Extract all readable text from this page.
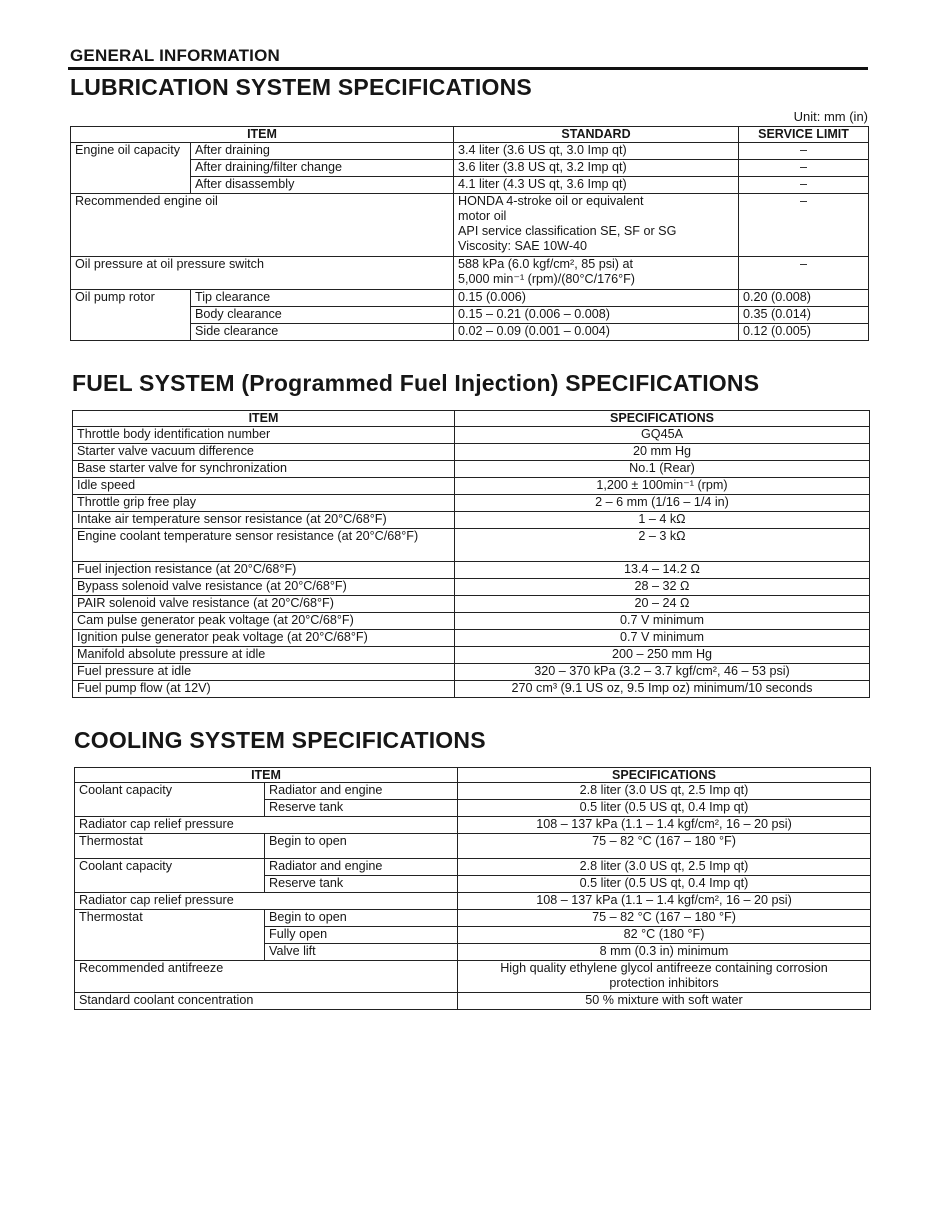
GENERAL INFORMATION
LUBRICATION SYSTEM SPECIFICATIONS
Unit: mm (in)
ITEM		STANDARD	SERVICE LIMIT
Engine oil capacity	After draining	3.4 liter (3.6 US qt, 3.0 Imp qt)	–
	After draining/filter change	3.6 liter (3.8 US qt, 3.2 Imp qt)	–
	After disassembly	4.1 liter (4.3 US qt, 3.6 Imp qt)	–
Recommended engine oil		HONDA 4-stroke oil or equivalent
motor oil
API service classification SE, SF or SG
Viscosity: SAE 10W-40	–
Oil pressure at oil pressure switch		588 kPa (6.0 kgf/cm², 85 psi) at
5,000 min⁻¹ (rpm)/(80°C/176°F)	–
Oil pump rotor	Tip clearance	0.15 (0.006)	0.20 (0.008)
	Body clearance	0.15 – 0.21 (0.006 – 0.008)	0.35 (0.014)
	Side clearance	0.02 – 0.09 (0.001 – 0.004)	0.12 (0.005)
FUEL SYSTEM (Programmed Fuel Injection) SPECIFICATIONS
ITEM	SPECIFICATIONS
Throttle body identification number	GQ45A
Starter valve vacuum difference	20 mm Hg
Base starter valve for synchronization	No.1 (Rear)
Idle speed	1,200 ± 100min⁻¹ (rpm)
Throttle grip free play	2 – 6 mm (1/16 – 1/4 in)
Intake air temperature sensor resistance (at 20°C/68°F)	1 – 4 kΩ
Engine coolant temperature sensor resistance (at 20°C/68°F)	2 – 3 kΩ
Fuel injection resistance (at 20°C/68°F)	13.4 – 14.2 Ω
Bypass solenoid valve resistance (at 20°C/68°F)	28 – 32 Ω
PAIR solenoid valve resistance (at 20°C/68°F)	20 – 24 Ω
Cam pulse generator peak voltage (at 20°C/68°F)	0.7 V minimum
Ignition pulse generator peak voltage (at 20°C/68°F)	0.7 V minimum
Manifold absolute pressure at idle	200 – 250 mm Hg
Fuel pressure at idle	320 – 370 kPa (3.2 – 3.7 kgf/cm², 46 – 53 psi)
Fuel pump flow (at 12V)	270 cm³ (9.1 US oz, 9.5 Imp oz) minimum/10 seconds
COOLING SYSTEM SPECIFICATIONS
ITEM		SPECIFICATIONS
Coolant capacity	Radiator and engine	2.8 liter (3.0 US qt, 2.5 Imp qt)
	Reserve tank	0.5 liter (0.5 US qt, 0.4 Imp qt)
Radiator cap relief pressure		108 – 137 kPa (1.1 – 1.4 kgf/cm², 16 – 20 psi)
Thermostat	Begin to open	75 – 82 °C (167 – 180 °F)
Coolant capacity	Radiator and engine	2.8 liter (3.0 US qt, 2.5 Imp qt)
	Reserve tank	0.5 liter (0.5 US qt, 0.4 Imp qt)
Radiator cap relief pressure		108 – 137 kPa (1.1 – 1.4 kgf/cm², 16 – 20 psi)
Thermostat	Begin to open	75 – 82 °C (167 – 180 °F)
	Fully open	82 °C (180 °F)
	Valve lift	8 mm (0.3 in) minimum
Recommended antifreeze		High quality ethylene glycol antifreeze containing corrosion
protection inhibitors

Standard coolant concentration		50 % mixture with soft water
